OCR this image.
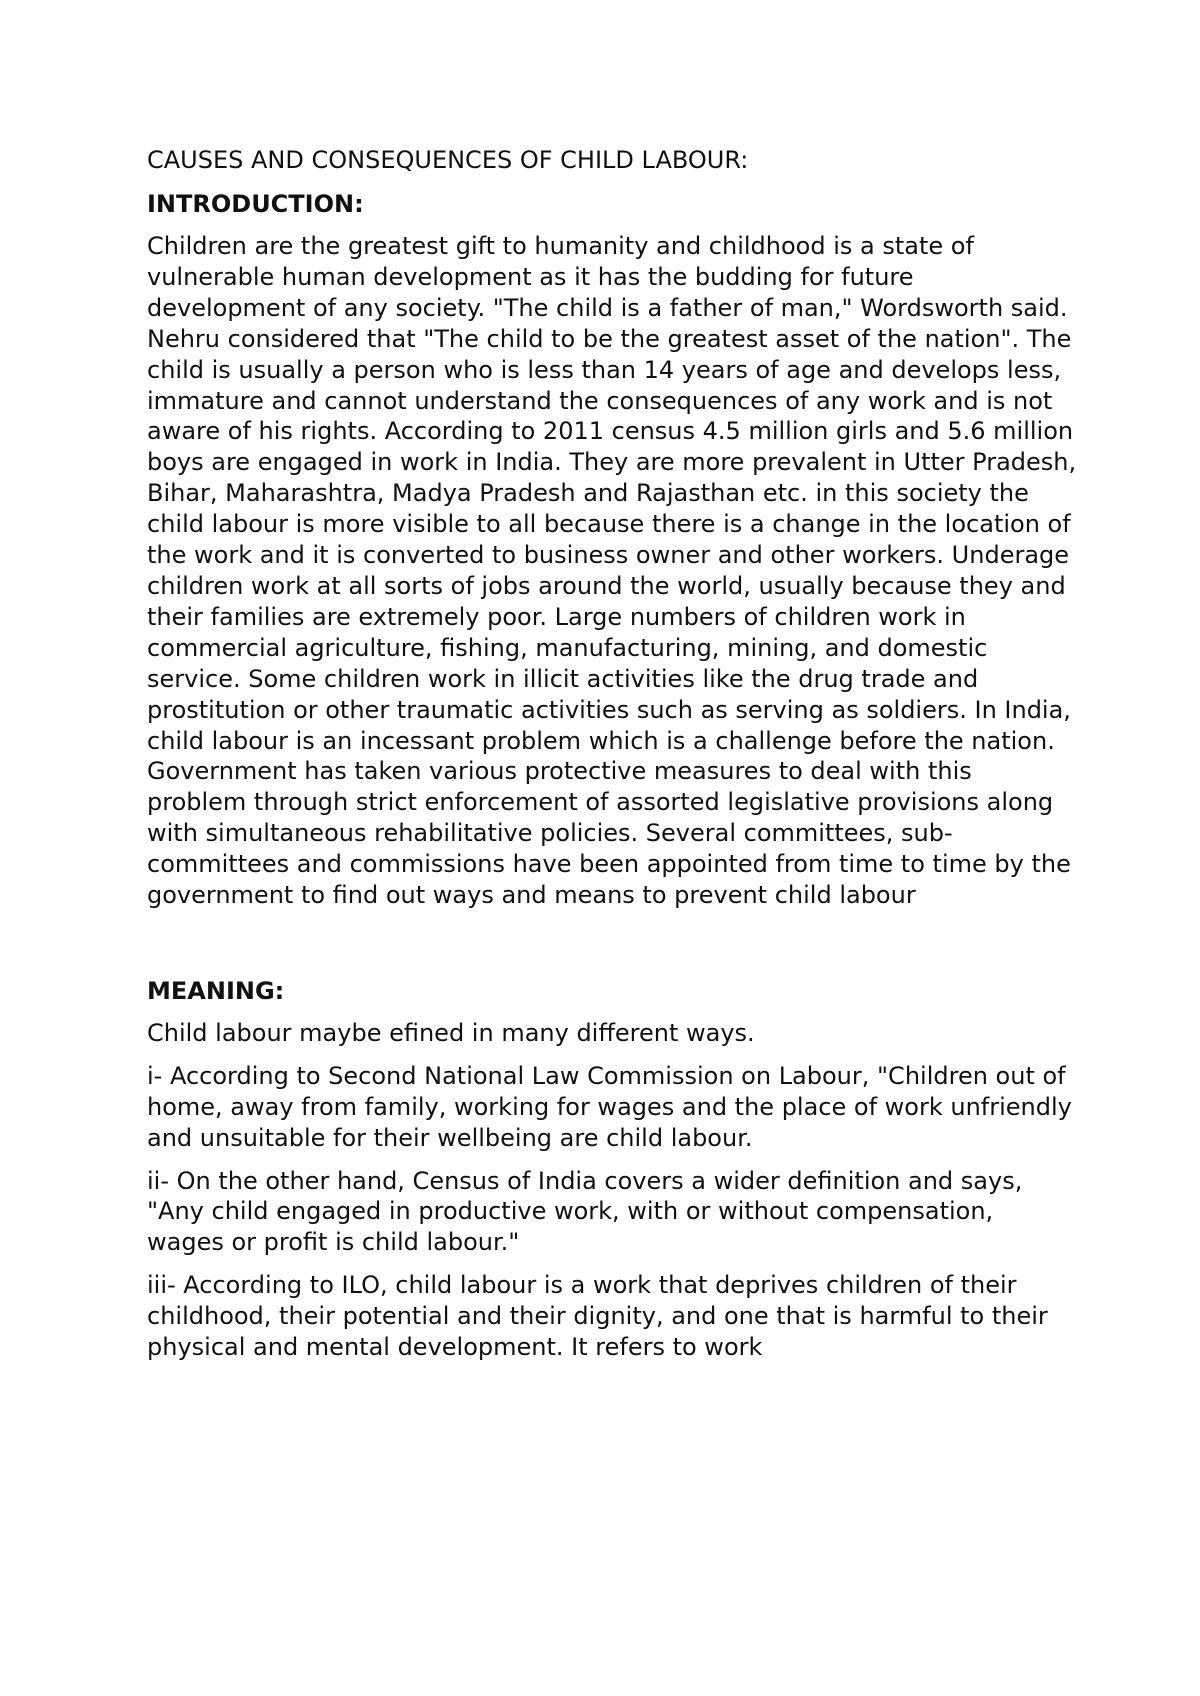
CAUSES AND CONSEQUENCES OF CHILD LABOUR:

INTRODUCTION:

Children are the greatest gift to humanity and childhood is a state of vulnerable human development as it has the budding for future development of any society. "The child is a father of man," Wordsworth said. Nehru considered that "The child to be the greatest asset of the nation". The child is usually a person who is less than 14 years of age and develops less, immature and cannot understand the consequences of any work and is not aware of his rights. According to 2011 census 4.5 million girls and 5.6 million boys are engaged in work in India. They are more prevalent in Utter Pradesh, Bihar, Maharashtra, Madya Pradesh and Rajasthan etc. in this society the child labour is more visible to all because there is a change in the location of the work and it is converted to business owner and other workers. Underage children work at all sorts of jobs around the world, usually because they and their families are extremely poor. Large numbers of children work in commercial agriculture, fishing, manufacturing, mining, and domestic service. Some children work in illicit activities like the drug trade and prostitution or other traumatic activities such as serving as soldiers. In India, child labour is an incessant problem which is a challenge before the nation. Government has taken various protective measures to deal with this problem through strict enforcement of assorted legislative provisions along with simultaneous rehabilitative policies. Several committees, sub-committees and commissions have been appointed from time to time by the government to find out ways and means to prevent child labour

MEANING:

Child labour maybe efined in many different ways.

i- According to Second National Law Commission on Labour, "Children out of home, away from family, working for wages and the place of work unfriendly and unsuitable for their wellbeing are child labour.

ii- On the other hand, Census of India covers a wider definition and says, "Any child engaged in productive work, with or without compensation, wages or profit is child labour."

iii- According to ILO, child labour is a work that deprives children of their childhood, their potential and their dignity, and one that is harmful to their physical and mental development. It refers to work
